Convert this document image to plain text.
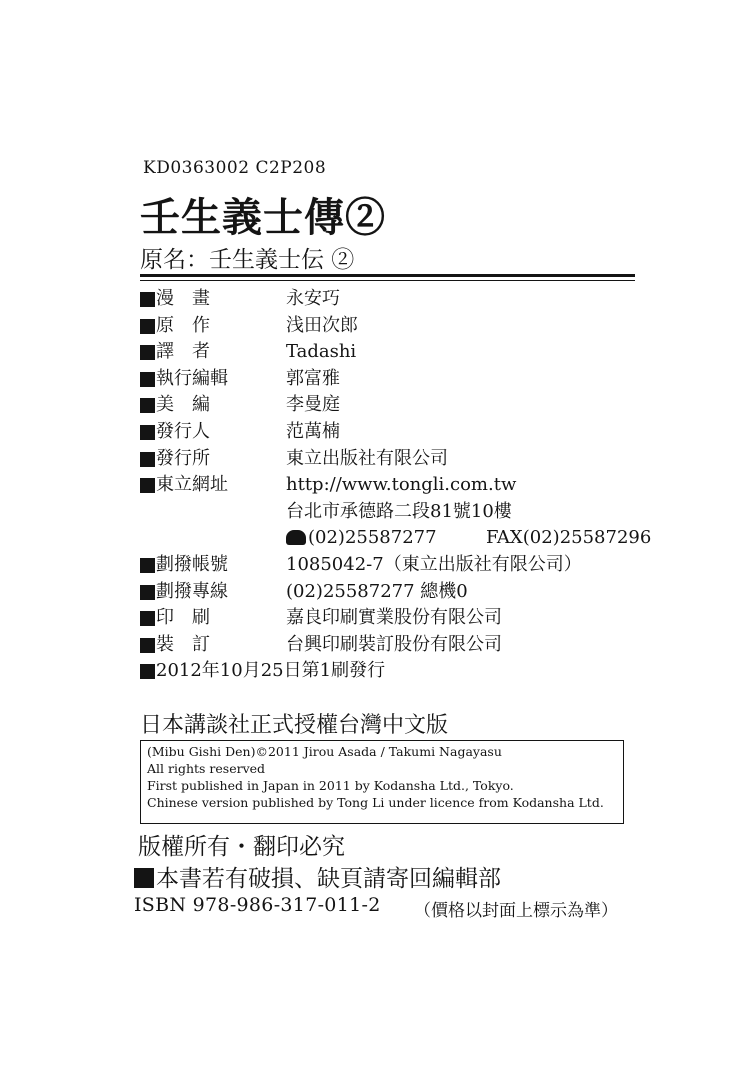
KD0363002 C2P208
壬生義士傳②
原名：壬生義士伝 ②
漫　畫	永安巧
原　作	浅田次郎
譯　者	Tadashi
執行編輯	郭富雅
美　編	李曼庭
發行人	范萬楠
發行所	東立出版社有限公司
東立網址	http://www.tongli.com.tw
台北市承德路二段81號10樓
(02)25587277	FAX(02)25587296
劃撥帳號	1085042-7（東立出版社有限公司）
劃撥專線	(02)25587277 總機0
印　刷	嘉良印刷實業股份有限公司
裝　訂	台興印刷裝訂股份有限公司
2012年10月25日第1刷發行
日本講談社正式授權台灣中文版
(Mibu Gishi Den)©2011 Jirou Asada / Takumi Nagayasu
All rights reserved
First published in Japan in 2011 by Kodansha Ltd., Tokyo.
Chinese version published by Tong Li under licence from Kodansha Ltd.
版權所有・翻印必究
本書若有破損、缺頁請寄回編輯部
ISBN 978-986-317-011-2 （價格以封面上標示為準）
